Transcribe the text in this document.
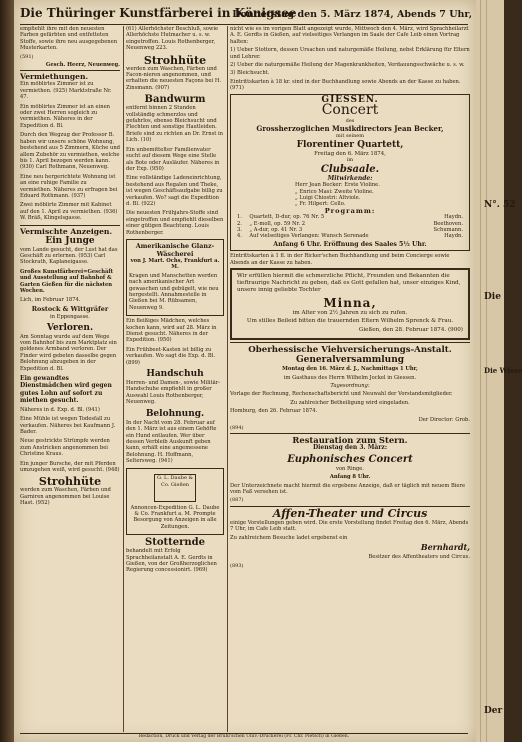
Die Thüringer Kunstfärberei in Königsee Donnerstag den 5. März 1874, Abends 7 Uhr,

empfiehlt ihre mit den neuesten Farben gefärbten und entfetteten Stoffe, sowie ihre neu ausgegebenen Musterkarten.

(591)

Gesch. Heerz, Neuenweg.

Vermiethungen.

Ein möblirtes Zimmer ist zu vermiethen. (925) Marktstraße Nr. 47.

Ein möblirtes Zimmer ist an einen oder zwei Herren sogleich zu vermiethen. Näheres in der Expedition d. Bl.

Durch den Wegzug der Professor B. haben wir unsere schöne Wohnung, bestehend aus 5 Zimmern, Küche und allem Zubehör zu vermiethen, welche bis 1. April bezogen werden kann. (930) Carl Rothmann, Neuenweg.

Eine neu hergerichtete Wohnung ist an eine ruhige Familie zu vermiethen. Näheres zu erfragen bei Eduard Rothmann. (937)

Zwei möblirte Zimmer mit Kabinet auf den 1. April zu vermiethen. (936) W. Bräß, Klingelsgasse.

Vermischte Anzeigen.
Ein Junge

vom Lande gesucht, der Lust hat das Geschäft zu erlernen. (953) Carl Stockrath, Kaplaneigasse.

Großes Kunstfärberei=Geschäft und Ausstellung auf Bahnhof & Garten Gießen für die nächsten Wochen.

Lich, im Februar 1874.

Rostock & Wittgräfer

in Eppengasse.

Verloren.

Am Sonntag wurde auf dem Wege vom Bahnhof bis zum Marktplatz ein goldenes Armband verloren. Der Finder wird gebeten dasselbe gegen Belohnung abzugeben in der Expedition d. Bl.

Ein gewandtes Dienstmädchen wird gegen gutes Lohn auf sofort zu miethen gesucht.

Näheres in d. Exp. d. Bl. (941)

Eine Mühle ist wegen Todesfall zu verkaufen. Näheres bei Kaufmann J. Bader.

Neue gestrickte Strümpfe werden zum Anstricken angenommen bei Christine Kraus.

Ein junger Bursche, der mit Pferden umzugehen weiß, wird gesucht. (948)

Strohhüte

werden zum Waschen, Färben und Garniren angenommen bei Louise Hast. (952)

(61) Allerhöchster Beschluß, sowie Allerhöchste Hutmacher u. s. w. eingetroffen. Louis Rothenberger, Neuenweg 223.

Strohhüte

werden zum Waschen, Färben und Facon-nieren angenommen, und erhalten die neuesten Façons bei H. Zinsmann. (907)

Bandwurm

entfernt binnen 2 Stunden vollständig schmerzlos und gefahrlos, ebenso Bleichsucht und Flechten und sonstige Hautleiden. Briefe sind zu richten an Dr. Ernst in Lich. (10)

Ein unbemittelter Familienvater sucht auf diesem Wege eine Stelle als Bote oder Ausläufer. Näheres in der Exp. (950)

Eine vollständige Ladeneinrichtung, bestehend aus Regalen und Theke, ist wegen Geschäftsaufgabe billig zu verkaufen. Wo? sagt die Expedition d. Bl. (922)

Die neuesten Frühjahrs-Stoffe sind eingetroffen und empfiehlt dieselben einer gütigen Beachtung. Louis Rothenberger.

Amerikanische Glanz-Wäscherei

von J. Mart. Ochs, Frankfurt a. M.

Kragen und Manschetten werden nach amerikanischer Art gewaschen und gebügelt, wie neu hergestellt. Annahmestelle in Gießen bei M. Rübsamen, Neuenweg 9.

Ein fleißiges Mädchen, welches kochen kann, wird auf 28. März in Dienst gesucht. Näheres in der Expedition. (950)

Ein Frühbeet-Kasten ist billig zu verkaufen. Wo sagt die Exp. d. Bl. (899)

Handschuh

Herren- und Damen-, sowie Militär-Handschuhe empfiehlt in großer Auswahl Louis Rothenberger, Neuenweg.

Belohnung.

In der Nacht vom 28. Februar auf den 1. März ist aus einem Gehöfte ein Hund entlaufen. Wer über dessen Verbleib Auskunft geben kann, erhält eine angemessene Belohnung. H. Hoffmann, Seltersweg. (941)

G. L. Daube & Co. Gießen

Annoncen-Expedition G. L. Daube & Co. Frankfurt a. M. Prompte Besorgung von Anzeigen in alle Zeitungen.

Stotternde

behandelt mit Erfolg Sprachheilanstalt A. E. Gerdts in Gießen, von der Großherzoglichen Regierung concessionirt. (969)

nicht wie es im vorigen Blatt angezeigt wurde, Mittwoch den 4. März, wird Sprachheilarzt A. E. Gerdts in Gießen, auf vielseitiges Verlangen im Saale der Cafe Leib einen Vortrag halten:

1) Ueber Stottern, dessen Ursachen und naturgemäße Heilung, nebst Erklärung für Eltern und Lehrer.

2) Ueber die naturgemäße Heilung der Magenkrankheiten, Verdauungsschwäche u. s. w.

3) Bleichsucht.

Eintrittskarten à 18 kr. sind in der Buchhandlung sowie Abends an der Kasse zu haben. (971)

GIESSEN.
Concert
des
Grossherzoglichen Musikdirectors Jean Becker,
mit seinem
Florentiner Quartett,
Freitag den 6. März 1874,
im
Clubsaale.
Mitwirkende:
Herr Jean Becker: Erste Violine.
„ Enrico Masi: Zweite Violine.
„ Luigi Chiostri: Altviole.
„ Fr. Hilpert: Cello.
Programm:
1.	Quartett, D-dur, op. 76 Nr. 5	Haydn.
2.	„ E-moll, op. 59 Nr. 2	Beethoven.
3.	„ A-dur, op. 41 Nr. 3	Schumann.
4.	Auf vielseitiges Verlangen: Wunsch Serenade	Haydn.
Anfang 6 Uhr. Eröffnung des Saales 5½ Uhr.

Eintrittskarten à 1 fl. in der Ricker'schen Buchhandlung und beim Concierge sowie Abends an der Kasse zu haben.

Wir erfüllen hiermit die schmerzliche Pflicht, Freunden und Bekannten die tieftraurige Nachricht zu geben, daß es Gott gefallen hat, unser einziges Kind, unsere innig geliebte Tochter

Minna,

im Alter von 2½ Jahren zu sich zu rufen.

Um stilles Beileid bitten die trauernden Eltern Wilhelm Sprenck & Frau.

Gießen, den 28. Februar 1874. (900)

Oberhessische Viehversicherungs-Anstalt.
Generalversammlung

Montag den 16. März d. J., Nachmittags 1 Uhr,

im Gasthaus des Herrn Wilhelm Jockel in Giessen.

Tagesordnung:

Vorlage der Rechnung, Rechenschaftsbericht und Neuwahl der Vorstandsmitglieder.

Zu zahlreicher Betheiligung wird eingeladen.

Homburg, den 26. Februar 1874.

Der Director: Grob.

(894)

Restauration zum Stern.

Dienstag den 3. März:

Euphonisches Concert

von Ringe.

Anfang 8 Uhr.

Der Unterzeichnete macht hiermit die ergebene Anzeige, daß er täglich mit neuem Biere vom Faß versehen ist.

(887)

Affen-Theater und Circus

einige Vorstellungen geben wird. Die erste Vorstellung findet Freitag den 6. März, Abends 7 Uhr, im Cafe Leib statt.

Zu zahlreichem Besuche ladet ergebenst ein

Bernhardt,

Besitzer des Affentheaters und Circus.

(893)

Redaction, Druck und Verlag der Brühl'schen Univ.-Druckerei (Fr. Chr. Pietsch) in Gießen.
N°. 52
Die
Die Wisse
Der
